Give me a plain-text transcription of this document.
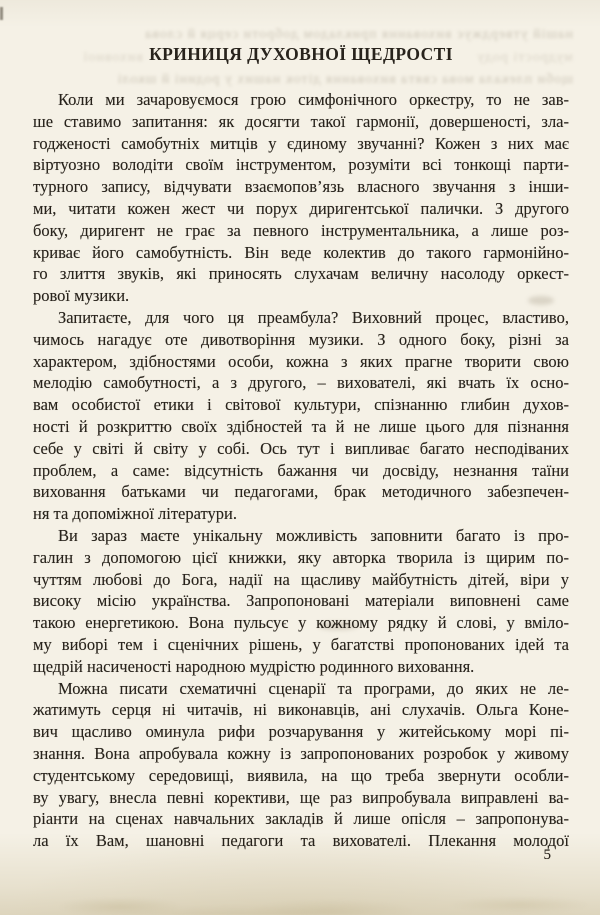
нашій утверджує виховання прикладом доброти серця й слова
виховної	мудрості роду
щоби плекала мова свята виховання діток наших у родині й школі
КРИНИЦЯ ДУХОВНОЇ ЩЕДРОСТІ
Коли ми зачаровуємося грою симфонічного оркестру, то не зав-
ше ставимо запитання: як досягти такої гармонії, довершеності, зла-
годженості самобутніх митців у єдиному звучанні? Кожен з них має
віртуозно володіти своїм інструментом, розуміти всі тонкощі парти-
турного запису, відчувати взаємопов’язь власного звучання з інши-
ми, читати кожен жест чи порух диригентської палички. З другого
боку, диригент не грає за певного інструментальника, а лише роз-
криває його самобутність. Він веде колектив до такого гармонійно-
го злиття звуків, які приносять слухачам величну насолоду оркест-
рової музики.
Запитаєте, для чого ця преамбула? Виховний процес, властиво,
чимось нагадує оте дивотворіння музики. З одного боку, різні за
характером, здібностями особи, кожна з яких прагне творити свою
мелодію самобутності, а з другого, – вихователі, які вчать їх осно-
вам особистої етики і світової культури, спізнанню глибин духов-
ності й розкриттю своїх здібностей та й не лише цього для пізнання
себе у світі й світу у собі. Ось тут і випливає багато несподіваних
проблем, а саме: відсутність бажання чи досвіду, незнання таїни
виховання батьками чи педагогами, брак методичного забезпечен-
ня та допоміжної літератури.
Ви зараз маєте унікальну можливість заповнити багато із про-
галин з допомогою цієї книжки, яку авторка творила із щирим по-
чуттям любові до Бога, надії на щасливу майбутність дітей, віри у
високу місію українства. Запропоновані матеріали виповнені саме
такою енергетикою. Вона пульсує у кожному рядку й слові, у вміло-
му виборі тем і сценічних рішень, у багатстві пропонованих ідей та
щедрій насиченості народною мудрістю родинного виховання.
Можна писати схематичні сценарії та програми, до яких не ле-
жатимуть серця ні читачів, ні виконавців, ані слухачів. Ольга Коне-
вич щасливо оминула рифи розчарування у житейському морі пі-
знання. Вона апробувала кожну із запропонованих розробок у живому
студентському середовищі, виявила, на що треба звернути особли-
ву увагу, внесла певні корективи, ще раз випробувала виправлені ва-
ріанти на сценах навчальних закладів й лише опісля – запропонува-
ла їх Вам, шановні педагоги та вихователі. Плекання молодої
5
